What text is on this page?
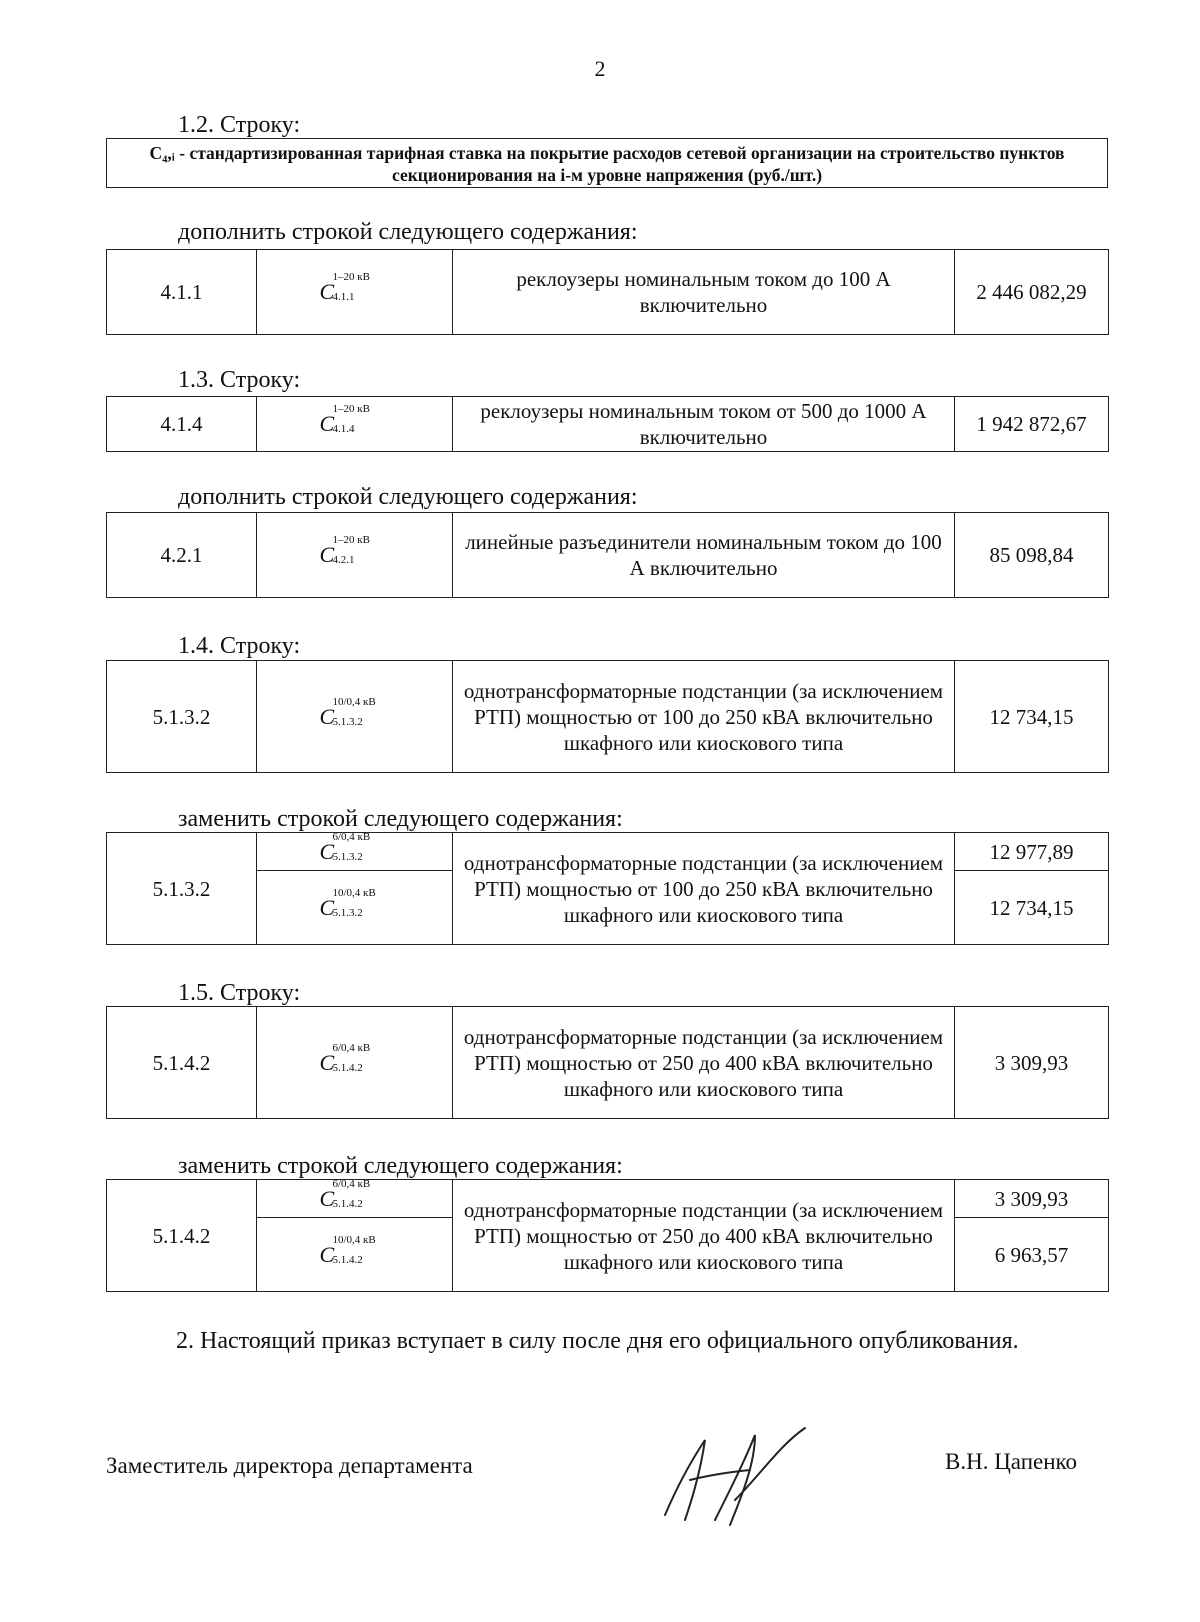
2
1.2. Строку:
C₄,ᵢ - стандартизированная тарифная ставка на покрытие расходов сетевой организации на строительство пунктов секционирования на i-м уровне напряжения (руб./шт.)
дополнить строкой следующего содержания:
4.1.1	C
1–20 кВ
4.1.1
	реклоузеры номинальным током до 100 А включительно	2 446 082,29
1.3. Строку:
4.1.4	C
1–20 кВ
4.1.4
	реклоузеры номинальным током от 500 до 1000 А включительно	1 942 872,67
дополнить строкой следующего содержания:
4.2.1	C
1–20 кВ
4.2.1
	линейные разъединители номинальным током до 100 А включительно	85 098,84
1.4. Строку:
5.1.3.2	C
10/0,4 кВ
5.1.3.2
	однотрансформаторные подстанции (за исключением РТП) мощностью от 100 до 250 кВА включительно шкафного или киоскового типа	12 734,15
заменить строкой следующего содержания:
5.1.3.2	C
6/0,4 кВ
5.1.3.2	однотрансформаторные подстанции (за исключением РТП) мощностью от 100 до 250 кВА включительно шкафного или киоскового типа	12 977,89
	C
10/0,4 кВ
5.1.3.2		12 734,15
1.5. Строку:
5.1.4.2	C
6/0,4 кВ
5.1.4.2
	однотрансформаторные подстанции (за исключением РТП) мощностью от 250 до 400 кВА включительно шкафного или киоскового типа	3 309,93
заменить строкой следующего содержания:
5.1.4.2	C
6/0,4 кВ
5.1.4.2	однотрансформаторные подстанции (за исключением РТП) мощностью от 250 до 400 кВА включительно шкафного или киоскового типа	3 309,93
	C
10/0,4 кВ
5.1.4.2		6 963,57
2. Настоящий приказ вступает в силу после дня его официального опубликования.
Заместитель директора департамента	В.Н. Цапенко
